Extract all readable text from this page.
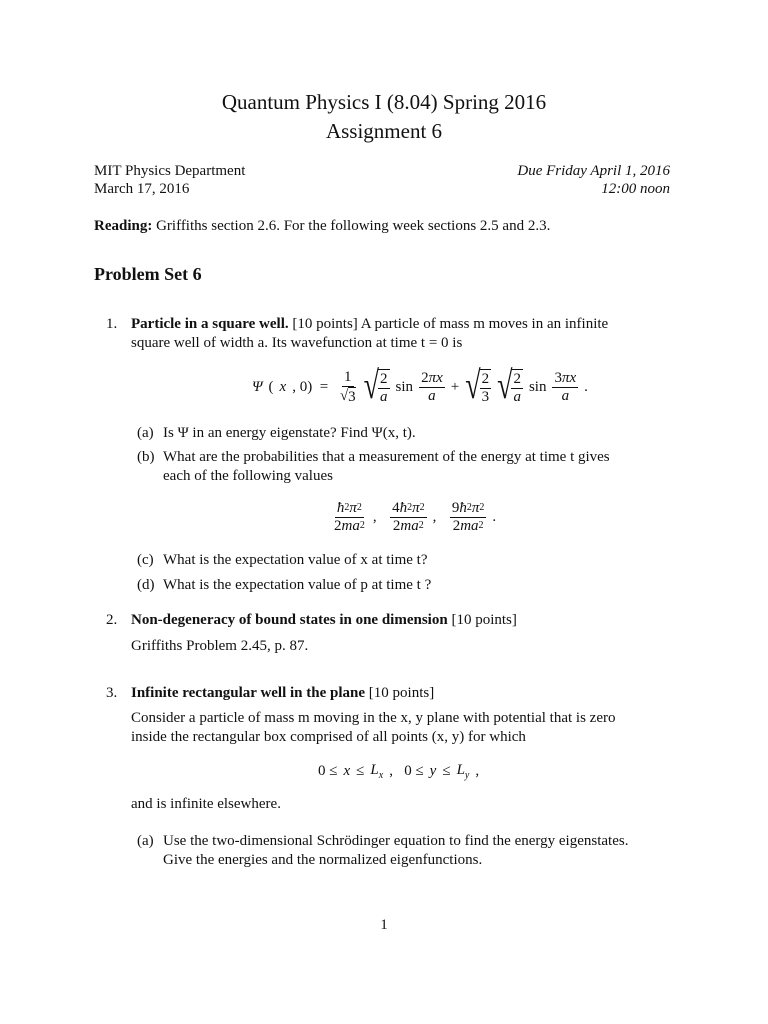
Quantum Physics I (8.04) Spring 2016
Assignment 6
MIT Physics Department
March 17, 2016
Due Friday April 1, 2016
12:00 noon
Reading: Griffiths section 2.6. For the following week sections 2.5 and 2.3.
Problem Set 6
1. Particle in a square well. [10 points] A particle of mass m moves in an infinite
square well of width a. Its wavefunction at time t = 0 is
Ψ ( x , $0) = \frac{1}{√ 3}$ √ $\frac{2}{a}$ $\sin \frac{2\pi x}{a}$ + √ $\frac{2}{3}$ √ $\frac{2}{a}$ $\sin \frac{3\pi x}{a}$ .
(a) Is Ψ in an energy eigenstate? Find Ψ(x, t).
(b) What are the probabilities that a measurement of the energy at time t gives
each of the following values
$\frac{ħ^2\pi^2}{2ma^2}$ , $\frac{4ħ^2\pi^2}{2ma^2}$ , $\frac{9ħ^2\pi^2}{2ma^2}$ .
(c) What is the expectation value of x at time t?
(d) What is the expectation value of p at time t ?
2. Non-degeneracy of bound states in one dimension [10 points]
Griffiths Problem 2.45, p. 87.
3. Infinite rectangular well in the plane [10 points]
Consider a particle of mass m moving in the x, y plane with potential that is zero
inside the rectangular box comprised of all points (x, y) for which
$0 \le x \le L_x$ ,   $0 \le y \le L_y$ ,
and is infinite elsewhere.
(a) Use the two-dimensional Schrödinger equation to find the energy eigenstates.
Give the energies and the normalized eigenfunctions.
1
